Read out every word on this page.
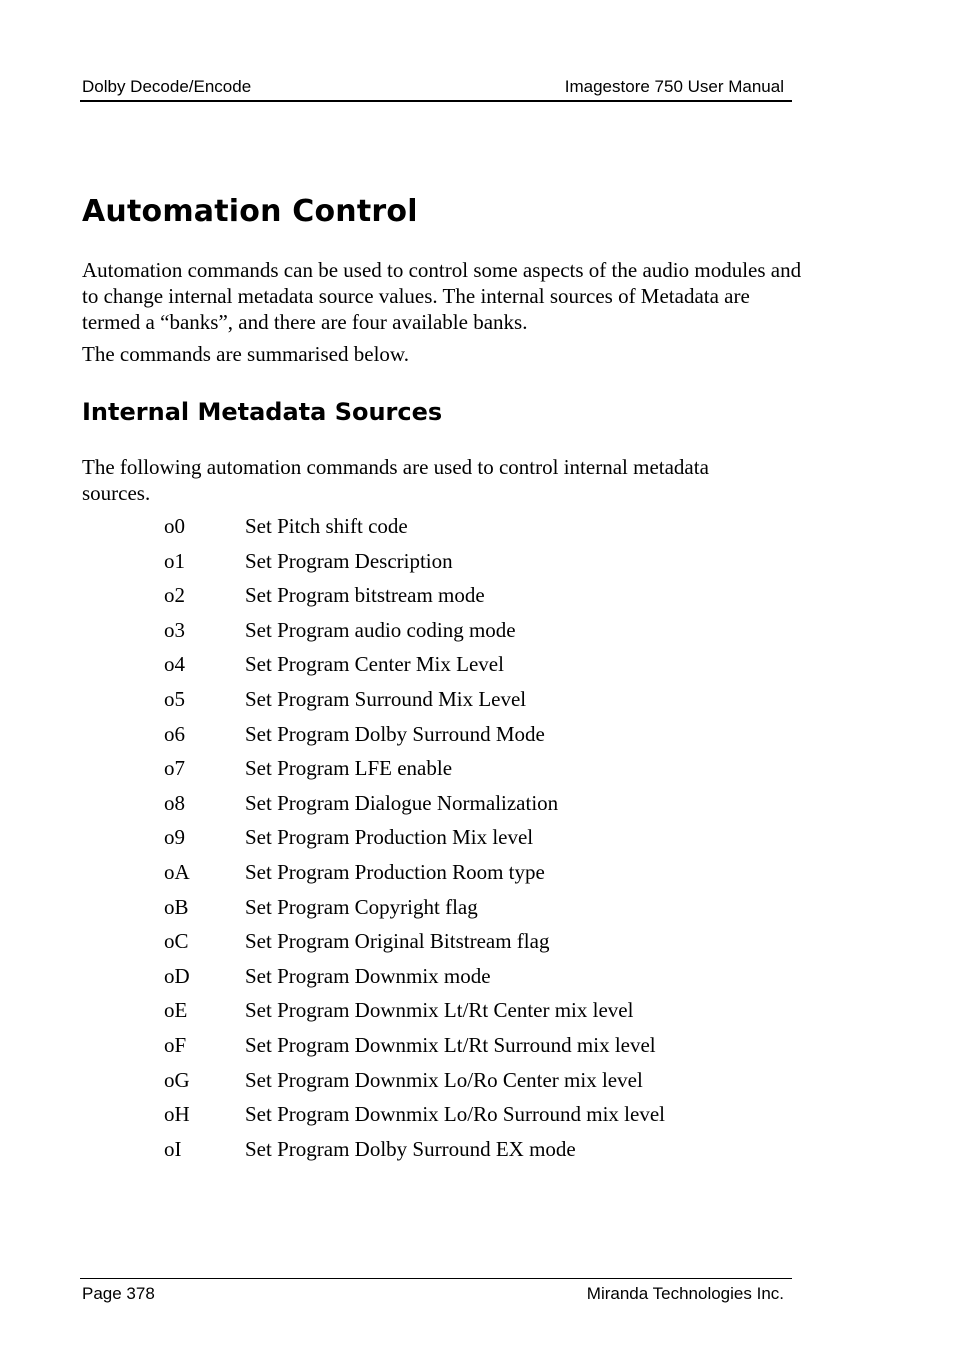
Dolby Decode/Encode	Imagestore 750 User Manual
Automation Control

Automation commands can be used to control some aspects of the audio modules and to change internal metadata source values. The internal sources of Metadata are termed a “banks”, and there are four available banks.

The commands are summarised below.

Internal Metadata Sources

The following automation commands are used to control internal metadata sources.

o0	Set Pitch shift code
o1	Set Program Description
o2	Set Program bitstream mode
o3	Set Program audio coding mode
o4	Set Program Center Mix Level
o5	Set Program Surround Mix Level
o6	Set Program Dolby Surround Mode
o7	Set Program LFE enable
o8	Set Program Dialogue Normalization
o9	Set Program Production Mix level
oA	Set Program Production Room type
oB	Set Program Copyright flag
oC	Set Program Original Bitstream flag
oD	Set Program Downmix mode
oE	Set Program Downmix Lt/Rt Center mix level
oF	Set Program Downmix Lt/Rt Surround mix level
oG	Set Program Downmix Lo/Ro Center mix level
oH	Set Program Downmix Lo/Ro Surround mix level
oI	Set Program Dolby Surround EX mode
Page 378	Miranda Technologies Inc.
